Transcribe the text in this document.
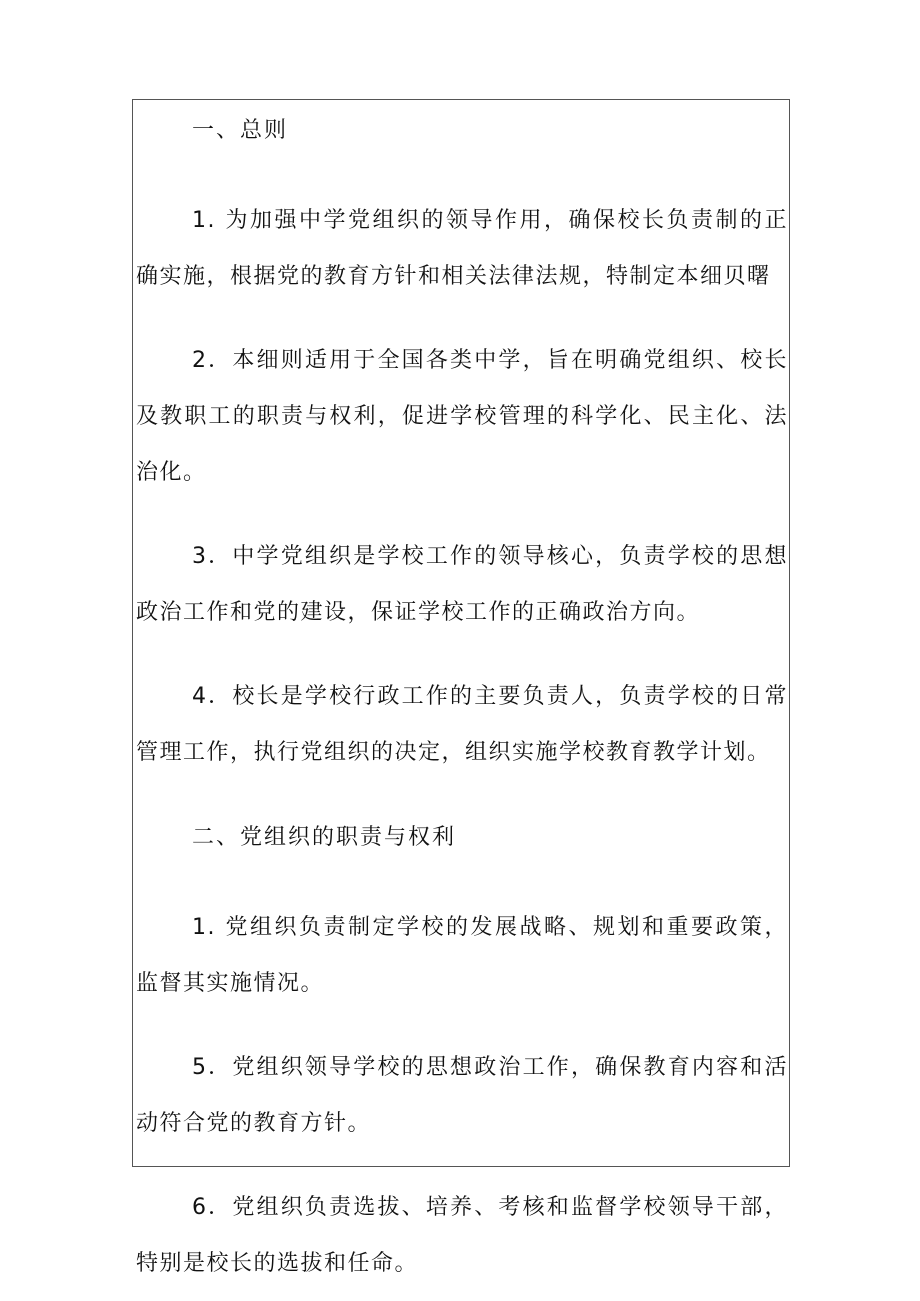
一、总则

1. 为加强中学党组织的领导作用，确保校长负责制的正确实施，根据党的教育方针和相关法律法规，特制定本细贝曙

2．本细则适用于全国各类中学，旨在明确党组织、校长及教职工的职责与权利，促进学校管理的科学化、民主化、法治化。

3．中学党组织是学校工作的领导核心，负责学校的思想政治工作和党的建设，保证学校工作的正确政治方向。

4．校长是学校行政工作的主要负责人，负责学校的日常管理工作，执行党组织的决定，组织实施学校教育教学计划。

二、党组织的职责与权利

1. 党组织负责制定学校的发展战略、规划和重要政策，监督其实施情况。

5．党组织领导学校的思想政治工作，确保教育内容和活动符合党的教育方针。

6．党组织负责选拔、培养、考核和监督学校领导干部，特别是校长的选拔和任命。
